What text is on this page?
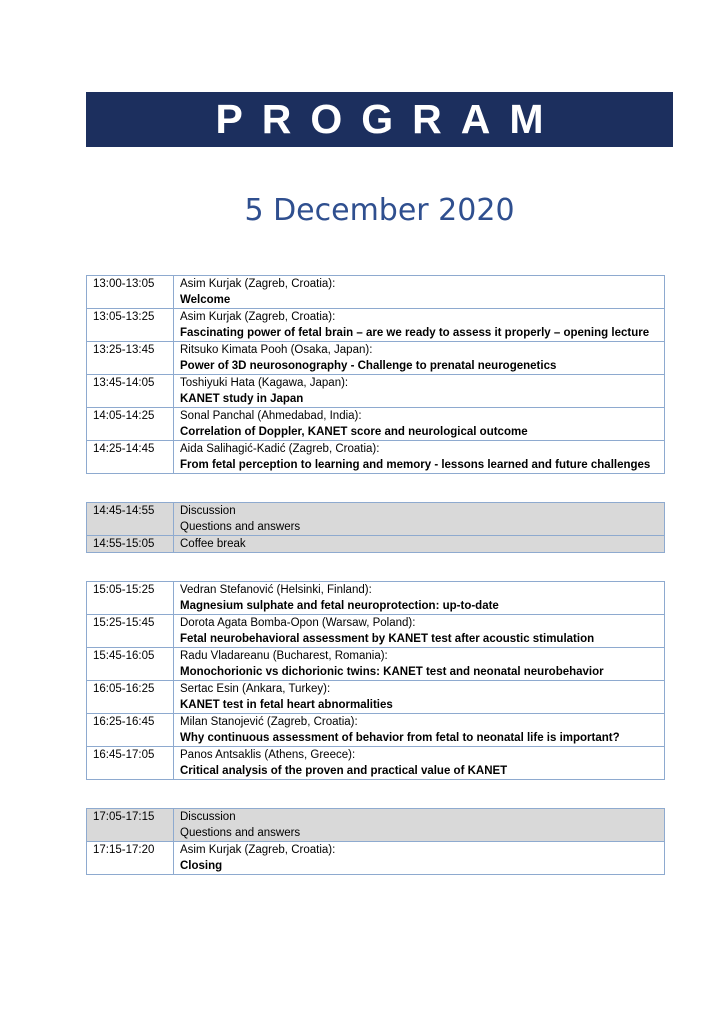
PROGRAM
5 December 2020
13:00-13:05	Asim Kurjak (Zagreb, Croatia):
Welcome

13:05-13:25	Asim Kurjak (Zagreb, Croatia):
Fascinating power of fetal brain – are we ready to assess it properly – opening lecture

13:25-13:45	Ritsuko Kimata Pooh (Osaka, Japan):
Power of 3D neurosonography - Challenge to prenatal neurogenetics

13:45-14:05	Toshiyuki Hata (Kagawa, Japan):
KANET study in Japan

14:05-14:25	Sonal Panchal (Ahmedabad, India):
Correlation of Doppler, KANET score and neurological outcome

14:25-14:45	Aida Salihagić-Kadić (Zagreb, Croatia):
From fetal perception to learning and memory - lessons learned and future challenges
14:45-14:55	Discussion
Questions and answers

14:55-15:05	Coffee break
15:05-15:25	Vedran Stefanović (Helsinki, Finland):
Magnesium sulphate and fetal neuroprotection: up-to-date

15:25-15:45	Dorota Agata Bomba-Opon (Warsaw, Poland):
Fetal neurobehavioral assessment by KANET test after acoustic stimulation

15:45-16:05	Radu Vladareanu (Bucharest, Romania):
Monochorionic vs dichorionic twins: KANET test and neonatal neurobehavior

16:05-16:25	Sertac Esin (Ankara, Turkey):
KANET test in fetal heart abnormalities

16:25-16:45	Milan Stanojević (Zagreb, Croatia):
Why continuous assessment of behavior from fetal to neonatal life is important?

16:45-17:05	Panos Antsaklis (Athens, Greece):
Critical analysis of the proven and practical value of KANET
17:05-17:15	Discussion
Questions and answers

17:15-17:20	Asim Kurjak (Zagreb, Croatia):
Closing
